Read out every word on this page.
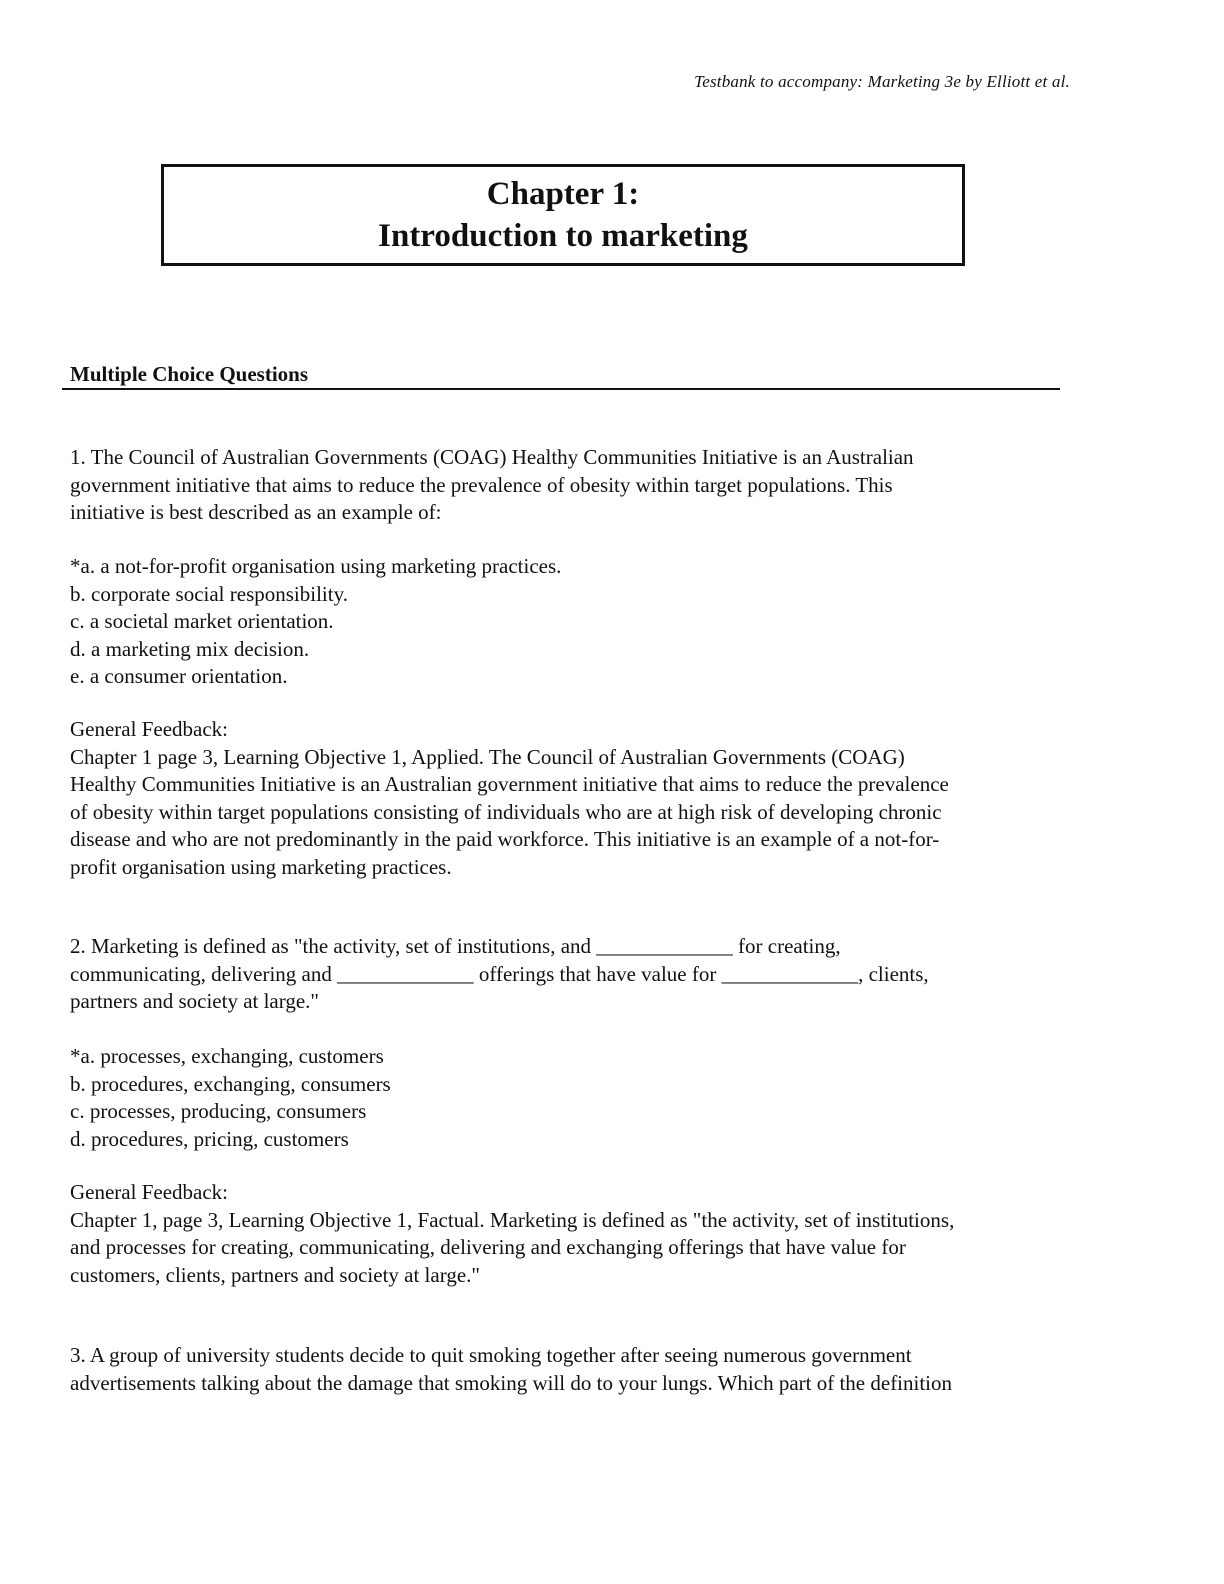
Testbank to accompany: Marketing 3e by Elliott et al.
Chapter 1:
Introduction to marketing
Multiple Choice Questions

1. The Council of Australian Governments (COAG) Healthy Communities Initiative is an Australian

government initiative that aims to reduce the prevalence of obesity within target populations. This

initiative is best described as an example of:

*a. a not-for-profit organisation using marketing practices.

b. corporate social responsibility.

c. a societal market orientation.

d. a marketing mix decision.

e. a consumer orientation.

General Feedback:

Chapter 1 page 3, Learning Objective 1, Applied. The Council of Australian Governments (COAG)

Healthy Communities Initiative is an Australian government initiative that aims to reduce the prevalence

of obesity within target populations consisting of individuals who are at high risk of developing chronic

disease and who are not predominantly in the paid workforce. This initiative is an example of a not-for-

profit organisation using marketing practices.

2. Marketing is defined as "the activity, set of institutions, and _____________ for creating,

communicating, delivering and _____________ offerings that have value for _____________, clients,

partners and society at large."

*a. processes, exchanging, customers

b. procedures, exchanging, consumers

c. processes, producing, consumers

d. procedures, pricing, customers

General Feedback:

Chapter 1, page 3, Learning Objective 1, Factual. Marketing is defined as "the activity, set of institutions,

and processes for creating, communicating, delivering and exchanging offerings that have value for

customers, clients, partners and society at large."

3. A group of university students decide to quit smoking together after seeing numerous government

advertisements talking about the damage that smoking will do to your lungs. Which part of the definition
